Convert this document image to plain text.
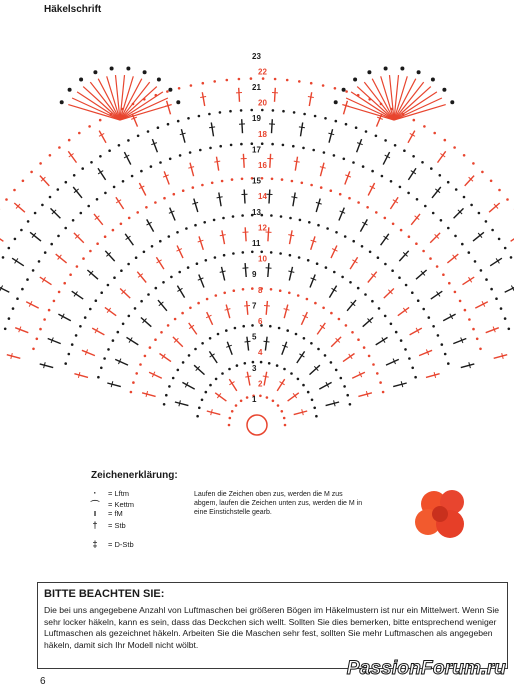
Häkelschrift
1
2
3
4
5
6
7
8
9
10
11
12
13
14
15
16
17
18
19
20
21
22
23
Zeichenerklärung:
·	= Lftm
⌒	= Kettm
ı	= fM
†	= Stb
‡	= D-Stb
Laufen die Zeichen oben zus, werden die M zus abgem, laufen die Zeichen unten zus, werden die M in eine Einstichstelle gearb.
BITTE BEACHTEN SIE:
Die bei uns angegebene Anzahl von Luftmaschen bei größeren Bögen im Häkelmustern ist nur ein Mittelwert. Wenn Sie sehr locker häkeln, kann es sein, dass das Deckchen sich wellt. Sollten Sie dies bemerken, bitte entsprechend weniger Luftmaschen als gezeichnet häkeln. Arbeiten Sie die Maschen sehr fest, sollten Sie mehr Luftmaschen als angegeben häkeln, damit sich Ihr Modell nicht wölbt.
6
PassionForum.ru
